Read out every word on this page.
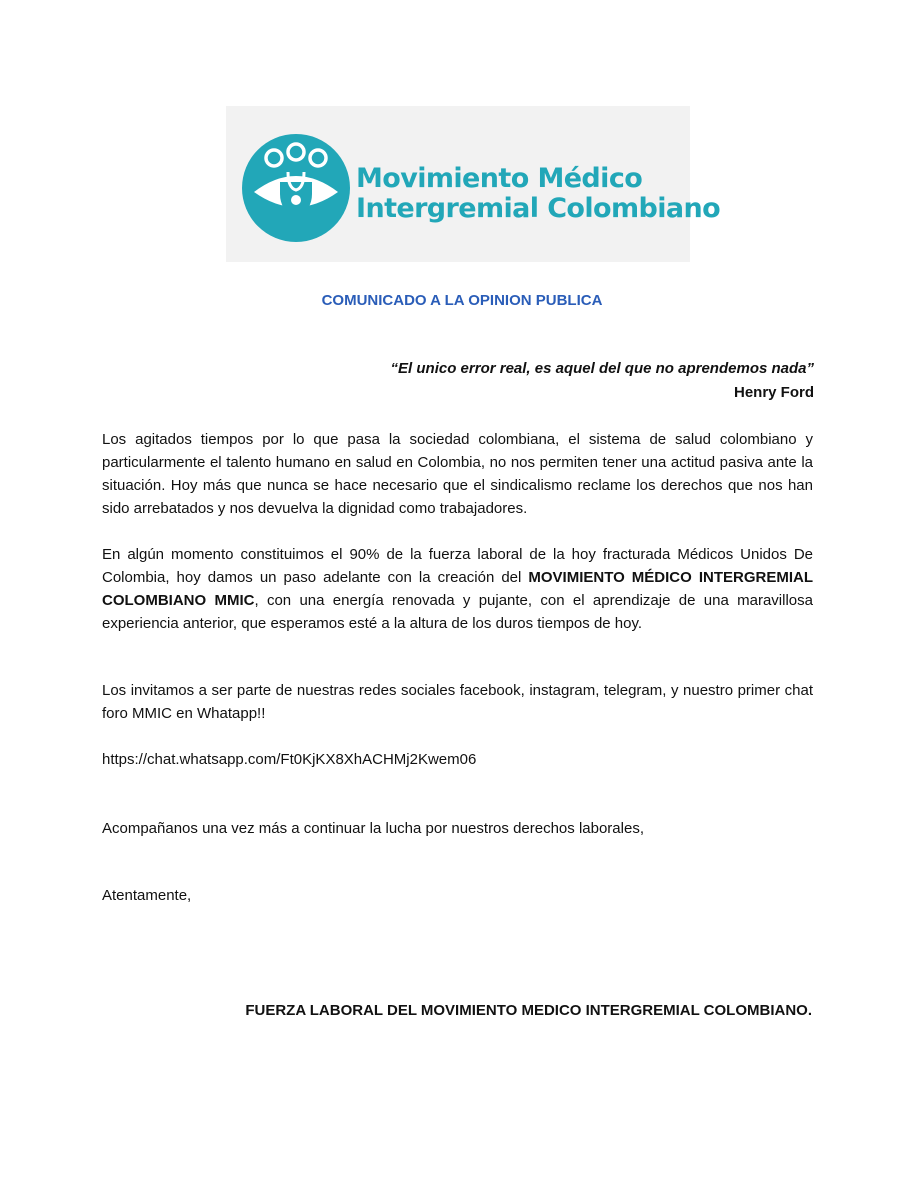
Movimiento Médico
Intergremial Colombiano
COMUNICADO A LA OPINION PUBLICA
“El unico error real, es aquel del que no aprendemos nada”
Henry Ford
Los agitados tiempos por lo que pasa la sociedad colombiana, el sistema de salud colombiano y particularmente el talento humano en salud en Colombia, no nos permiten tener una actitud pasiva ante la situación. Hoy más que nunca se hace necesario que el sindicalismo reclame los derechos que nos han sido arrebatados y nos devuelva la dignidad como trabajadores.
En algún momento constituimos el 90% de la fuerza laboral de la hoy fracturada Médicos Unidos De Colombia, hoy damos un paso adelante con la creación del MOVIMIENTO MÉDICO INTERGREMIAL COLOMBIANO MMIC, con una energía renovada y pujante, con el aprendizaje de una maravillosa experiencia anterior, que esperamos esté a la altura de los duros tiempos de hoy.
Los invitamos a ser parte de nuestras redes sociales facebook, instagram, telegram, y nuestro primer chat foro MMIC en Whatapp!!
https://chat.whatsapp.com/Ft0KjKX8XhACHMj2Kwem06
Acompañanos una vez más a continuar la lucha por nuestros derechos laborales,
Atentamente,
FUERZA LABORAL DEL MOVIMIENTO MEDICO INTERGREMIAL COLOMBIANO.
